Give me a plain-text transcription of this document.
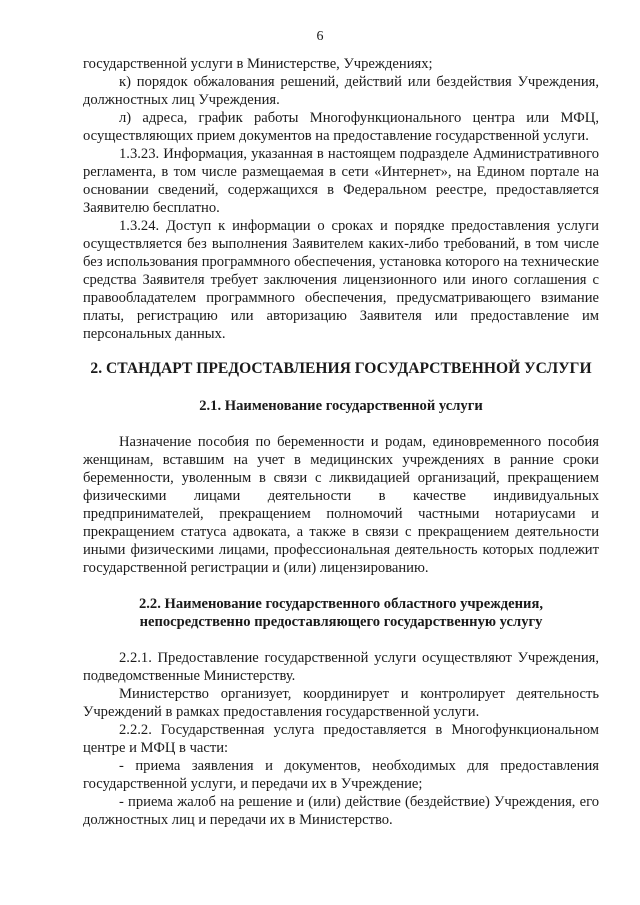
6

государственной услуги в Министерстве, Учреждениях;

к) порядок обжалования решений, действий или бездействия Учреждения, должностных лиц Учреждения.

л) адреса, график работы Многофункционального центра или МФЦ, осуществляющих прием документов на предоставление государственной услуги.

1.3.23. Информация, указанная в настоящем подразделе Административного регламента, в том числе размещаемая в сети «Интернет», на Едином портале на основании сведений, содержащихся в Федеральном реестре, предоставляется Заявителю бесплатно.

1.3.24. Доступ к информации о сроках и порядке предоставления услуги осуществляется без выполнения Заявителем каких-либо требований, в том числе без использования программного обеспечения, установка которого на технические средства Заявителя требует заключения лицензионного или иного соглашения с правообладателем программного обеспечения, предусматривающего взимание платы, регистрацию или авторизацию Заявителя или предоставление им персональных данных.

2. СТАНДАРТ ПРЕДОСТАВЛЕНИЯ ГОСУДАРСТВЕННОЙ УСЛУГИ

2.1. Наименование государственной услуги

Назначение пособия по беременности и родам, единовременного пособия женщинам, вставшим на учет в медицинских учреждениях в ранние сроки беременности, уволенным в связи с ликвидацией организаций, прекращением физическими лицами деятельности в качестве индивидуальных предпринимателей, прекращением полномочий частными нотариусами и прекращением статуса адвоката, а также в связи с прекращением деятельности иными физическими лицами, профессиональная деятельность которых подлежит государственной регистрации и (или) лицензированию.

2.2. Наименование государственного областного учреждения,
непосредственно предоставляющего государственную услугу

2.2.1. Предоставление государственной услуги осуществляют Учреждения, подведомственные Министерству.

Министерство организует, координирует и контролирует деятельность Учреждений в рамках предоставления государственной услуги.

2.2.2. Государственная услуга предоставляется в Многофункциональном центре и МФЦ в части:

- приема заявления и документов, необходимых для предоставления государственной услуги, и передачи их в Учреждение;

- приема жалоб на решение и (или) действие (бездействие) Учреждения, его должностных лиц и передачи их в Министерство.
